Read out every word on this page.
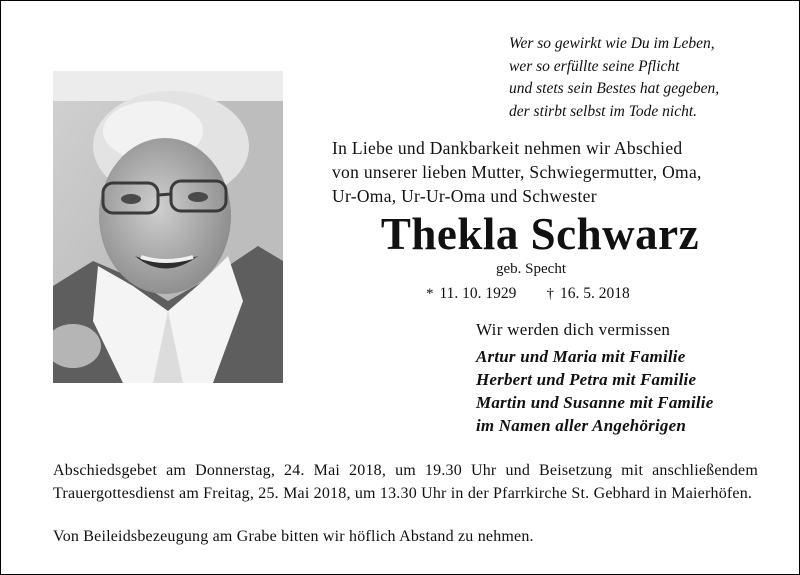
Wer so gewirkt wie Du im Leben,
wer so erfüllte seine Pflicht
und stets sein Bestes hat gegeben,
der stirbt selbst im Tode nicht.
In Liebe und Dankbarkeit nehmen wir Abschied
von unserer lieben Mutter, Schwiegermutter, Oma,
Ur-Oma, Ur-Ur-Oma und Schwester
Thekla Schwarz
geb. Specht
* 11. 10. 1929 † 16. 5. 2018
Wir werden dich vermissen
Artur und Maria mit Familie
Herbert und Petra mit Familie
Martin und Susanne mit Familie
im Namen aller Angehörigen
Abschiedsgebet am Donnerstag, 24. Mai 2018, um 19.30 Uhr und Beisetzung mit anschließendem Trauergottesdienst am Freitag, 25. Mai 2018, um 13.30 Uhr in der Pfarrkirche St. Gebhard in Maierhöfen.
Von Beileidsbezeugung am Grabe bitten wir höflich Abstand zu nehmen.
